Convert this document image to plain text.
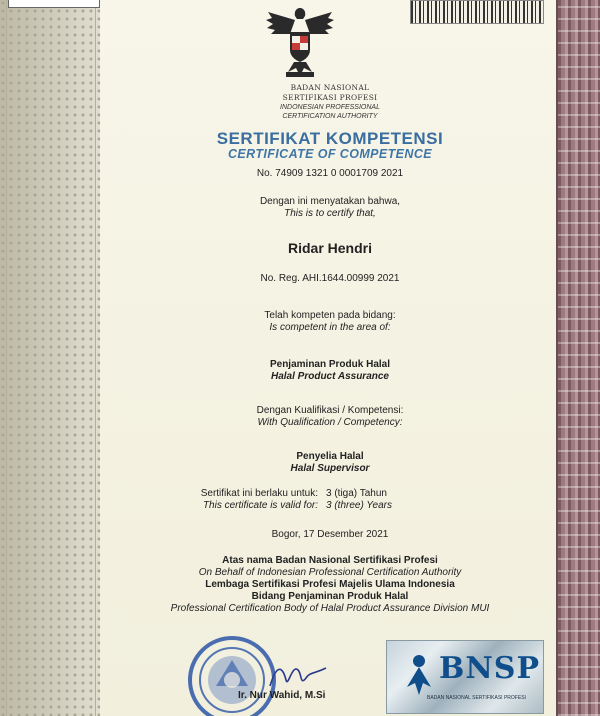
BADAN NASIONAL
SERTIFIKASI PROFESI
INDONESIAN PROFESSIONAL
CERTIFICATION AUTHORITY
SERTIFIKAT KOMPETENSI
CERTIFICATE OF COMPETENCE
No. 74909 1321 0 0001709 2021
Dengan ini menyatakan bahwa,
This is to certify that,
Ridar Hendri
No. Reg. AHI.1644.00999 2021
Telah kompeten pada bidang:
Is competent in the area of:
Penjaminan Produk Halal
Halal Product Assurance
Dengan Kualifikasi / Kompetensi:
With Qualification / Competency:
Penyelia Halal
Halal Supervisor
Sertifikat ini berlaku untuk: 3 (tiga) Tahun
This certificate is valid for: 3 (three) Years
Bogor, 17 Desember 2021
Atas nama Badan Nasional Sertifikasi Profesi
On Behalf of Indonesian Professional Certification Authority
Lembaga Sertifikasi Profesi Majelis Ulama Indonesia
Bidang Penjaminan Produk Halal
Professional Certification Body of Halal Product Assurance Division MUI
Ir. Nur Wahid, M.Si
BNSP
BADAN NASIONAL SERTIFIKASI PROFESI
